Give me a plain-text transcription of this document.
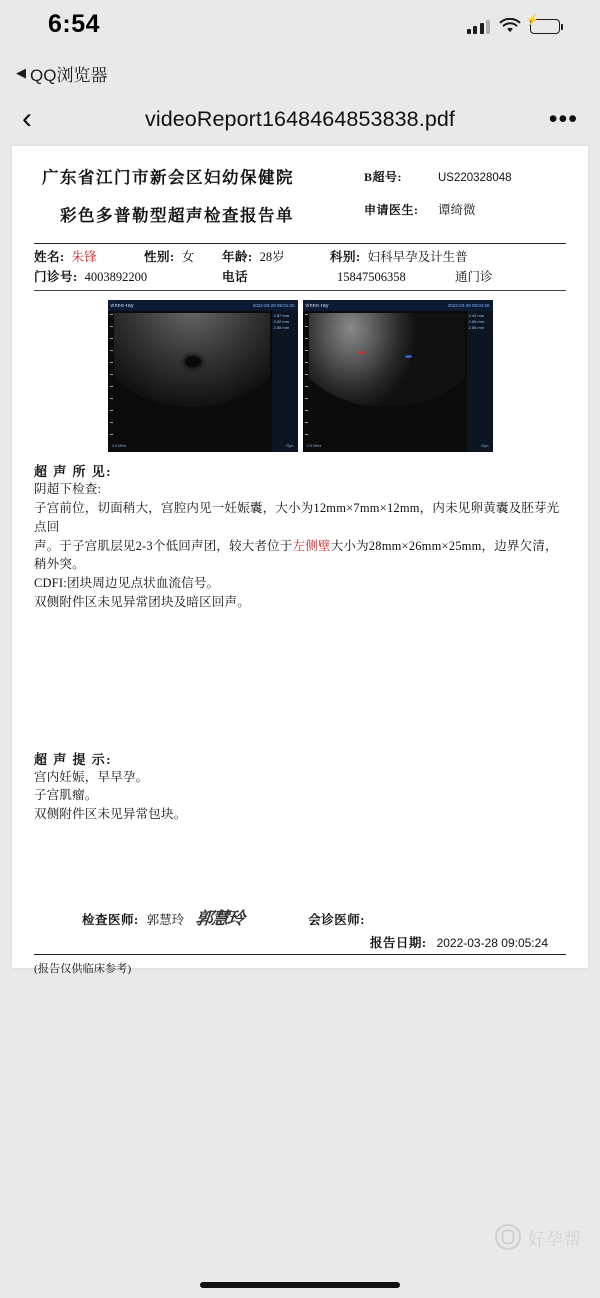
6:54	⚡
◀ QQ浏览器
‹	videoReport1648464853838.pdf	•••
广东省江门市新会区妇幼保健院
彩色多普勒型超声检查报告单
B超号:	US220328048
申请医生:	谭绮微
姓名: 朱锋	性别: 女 年龄: 28岁	科别: 妇科早孕及计生普
门诊号: 4003892200	电话	15847506358	通门诊
vinno-ray	2022-03-28 09:01:00
2.87 mm
3.02 mm
2.55 mm
3.0 MHz	Gyn
vinno-ray	2022-03-28 09:04:26
2.43 mm
2.69 mm
2.55 mm
3.0 MHz	Gyn
超 声 所 见:
阴超下检查:
子宫前位，切面稍大，宫腔内见一妊娠囊，大小为12mm×7mm×12mm，内未见卵黄囊及胚芽光点回
声。于子宫肌层见2-3个低回声团，较大者位于左侧壁大小为28mm×26mm×25mm，边界欠清，稍外突。
CDFI:团块周边见点状血流信号。
双侧附件区未见异常团块及暗区回声。
超 声 提 示:
宫内妊娠，早早孕。
子宫肌瘤。
双侧附件区未见异常包块。
检查医师: 郭慧玲 郭慧玲	会诊医师:
报告日期: 2022-03-28 09:05:24
(报告仅供临床参考)
好孕帮
